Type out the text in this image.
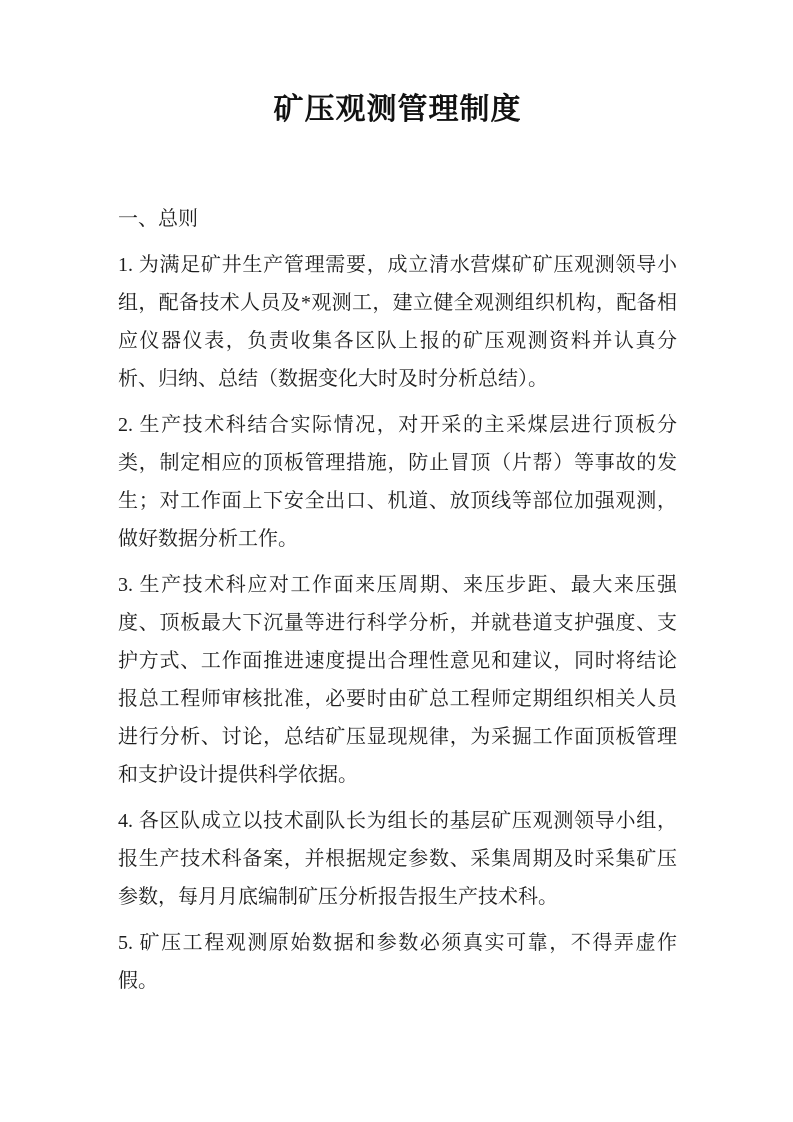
矿压观测管理制度
一、总则

1. 为满足矿井生产管理需要，成立清水营煤矿矿压观测领导小组，配备技术人员及*观测工，建立健全观测组织机构，配备相应仪器仪表，负责收集各区队上报的矿压观测资料并认真分析、归纳、总结（数据变化大时及时分析总结）。

2. 生产技术科结合实际情况，对开采的主采煤层进行顶板分类，制定相应的顶板管理措施，防止冒顶（片帮）等事故的发生；对工作面上下安全出口、机道、放顶线等部位加强观测，做好数据分析工作。

3. 生产技术科应对工作面来压周期、来压步距、最大来压强度、顶板最大下沉量等进行科学分析，并就巷道支护强度、支护方式、工作面推进速度提出合理性意见和建议，同时将结论报总工程师审核批准，必要时由矿总工程师定期组织相关人员进行分析、讨论，总结矿压显现规律，为采掘工作面顶板管理和支护设计提供科学依据。

4. 各区队成立以技术副队长为组长的基层矿压观测领导小组，报生产技术科备案，并根据规定参数、采集周期及时采集矿压参数，每月月底编制矿压分析报告报生产技术科。

5. 矿压工程观测原始数据和参数必须真实可靠，不得弄虚作假。
